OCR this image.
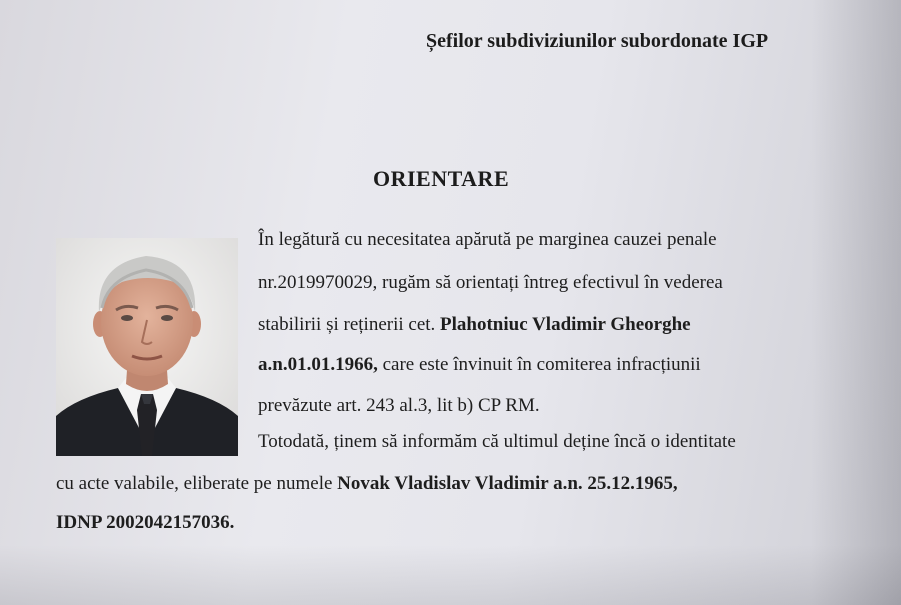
Șefilor subdiviziunilor subordonate IGP
ORIENTARE
În legătură cu necesitatea apărută pe marginea cauzei penale
nr.2019970029, rugăm să orientați întreg efectivul în vederea
stabilirii și reținerii cet. Plahotniuc Vladimir Gheorghe
a.n.01.01.1966, care este învinuit în comiterea infracțiunii
prevăzute art. 243 al.3, lit b) CP RM.
Totodată, ținem să informăm că ultimul deține încă o identitate
cu acte valabile, eliberate pe numele Novak Vladislav Vladimir a.n. 25.12.1965,
IDNP 2002042157036.
